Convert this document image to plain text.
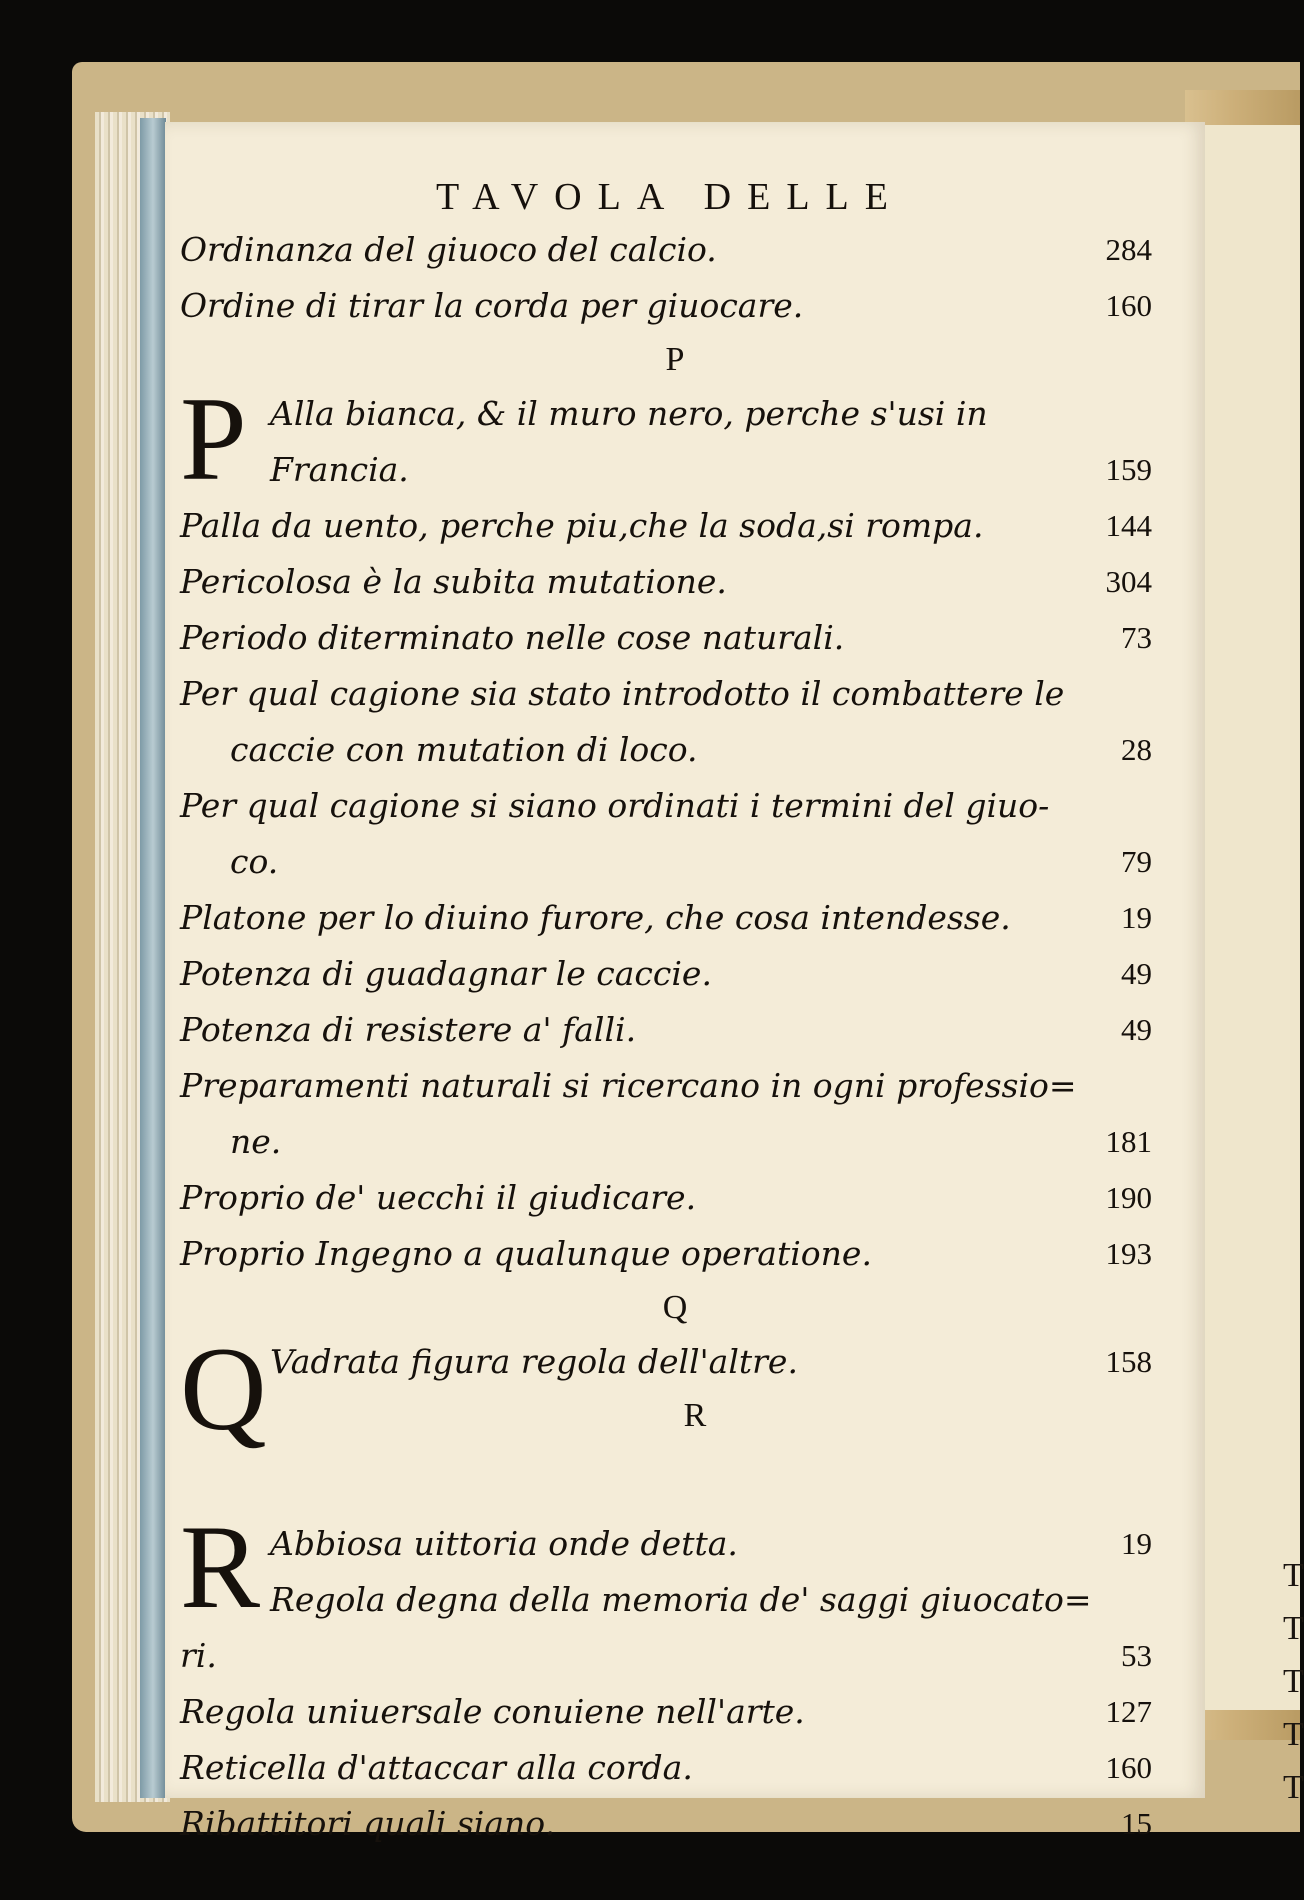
T
T
T
T
T
TAVOLA DELLE
Ordinanza del giuoco del calcio.	284
Ordine di tirar la corda per giuocare.	160
P
P Alla bianca, & il muro nero, perche s'usi in
Francia.	159
Palla da uento, perche piu,che la soda,si rompa.	144
Pericolosa è la subita mutatione.	304
Periodo diterminato nelle cose naturali.	73
Per qual cagione sia stato introdotto il combattere le
caccie con mutation di loco.	28
Per qual cagione si siano ordinati i termini del giuo-
co.	79
Platone per lo diuino furore, che cosa intendesse.	19
Potenza di guadagnar le caccie.	49
Potenza di resistere a' falli.	49
Preparamenti naturali si ricercano in ogni professio=
ne.	181
Proprio de' uecchi il giudicare.	190
Proprio Ingegno a qualunque operatione.	193
Q
Q Vadrata figura regola dell'altre.	158
R
R Abbiosa uittoria onde detta.	19
Regola degna della memoria de' saggi giuocato=
ri.	53
Regola uniuersale conuiene nell'arte.	127
Reticella d'attaccar alla corda.	160
Ribattitori quali siano.	15
